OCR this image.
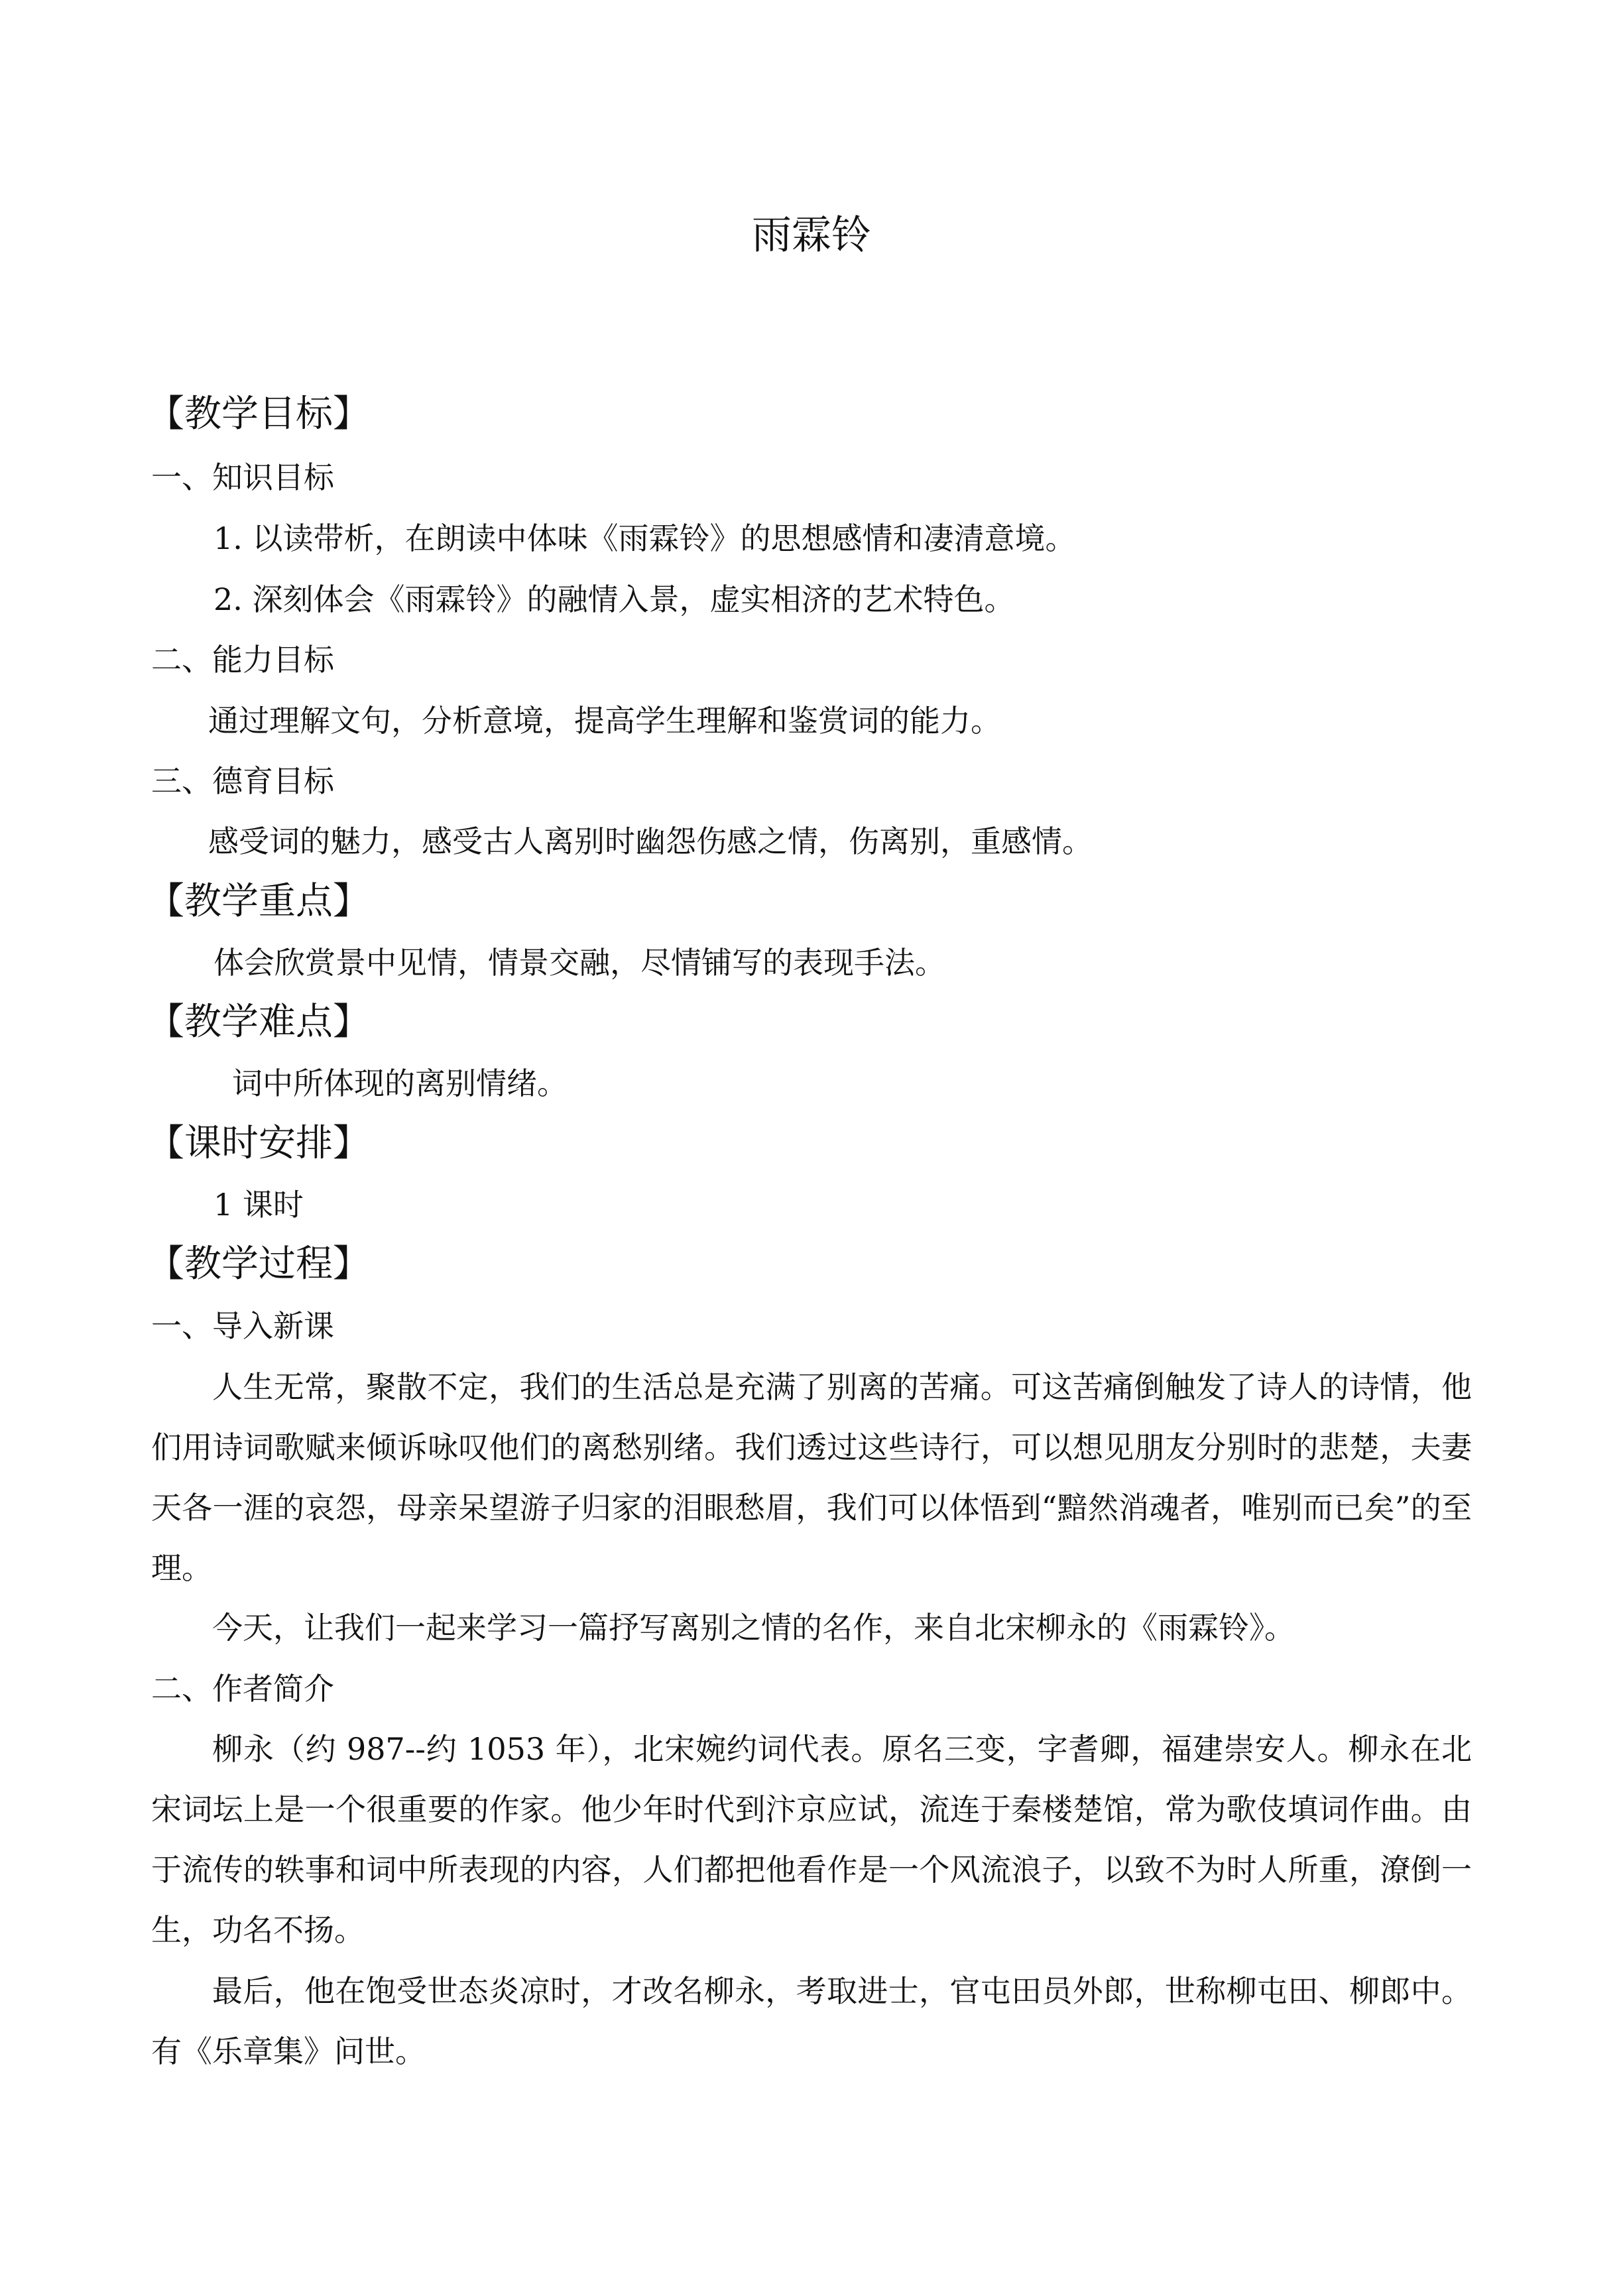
雨霖铃
【教学目标】
一、知识目标
1. 以读带析，在朗读中体味《雨霖铃》的思想感情和凄清意境。
2. 深刻体会《雨霖铃》的融情入景，虚实相济的艺术特色。
二、能力目标
通过理解文句，分析意境，提高学生理解和鉴赏词的能力。
三、德育目标
感受词的魅力，感受古人离别时幽怨伤感之情，伤离别，重感情。
【教学重点】
体会欣赏景中见情，情景交融，尽情铺写的表现手法。
【教学难点】
词中所体现的离别情绪。
【课时安排】
1 课时
【教学过程】
一、导入新课
人生无常，聚散不定，我们的生活总是充满了别离的苦痛。可这苦痛倒触发了诗人的诗情，他们用诗词歌赋来倾诉咏叹他们的离愁别绪。我们透过这些诗行，可以想见朋友分别时的悲楚，夫妻天各一涯的哀怨，母亲呆望游子归家的泪眼愁眉，我们可以体悟到“黯然消魂者，唯别而已矣”的至理。
今天，让我们一起来学习一篇抒写离别之情的名作，来自北宋柳永的《雨霖铃》。
二、作者简介
柳永（约 987--约 1053 年），北宋婉约词代表。原名三变，字耆卿，福建崇安人。柳永在北宋词坛上是一个很重要的作家。他少年时代到汴京应试，流连于秦楼楚馆，常为歌伎填词作曲。由于流传的轶事和词中所表现的内容，人们都把他看作是一个风流浪子，以致不为时人所重，潦倒一生，功名不扬。
最后，他在饱受世态炎凉时，才改名柳永，考取进士，官屯田员外郎，世称柳屯田、柳郎中。有《乐章集》问世。
